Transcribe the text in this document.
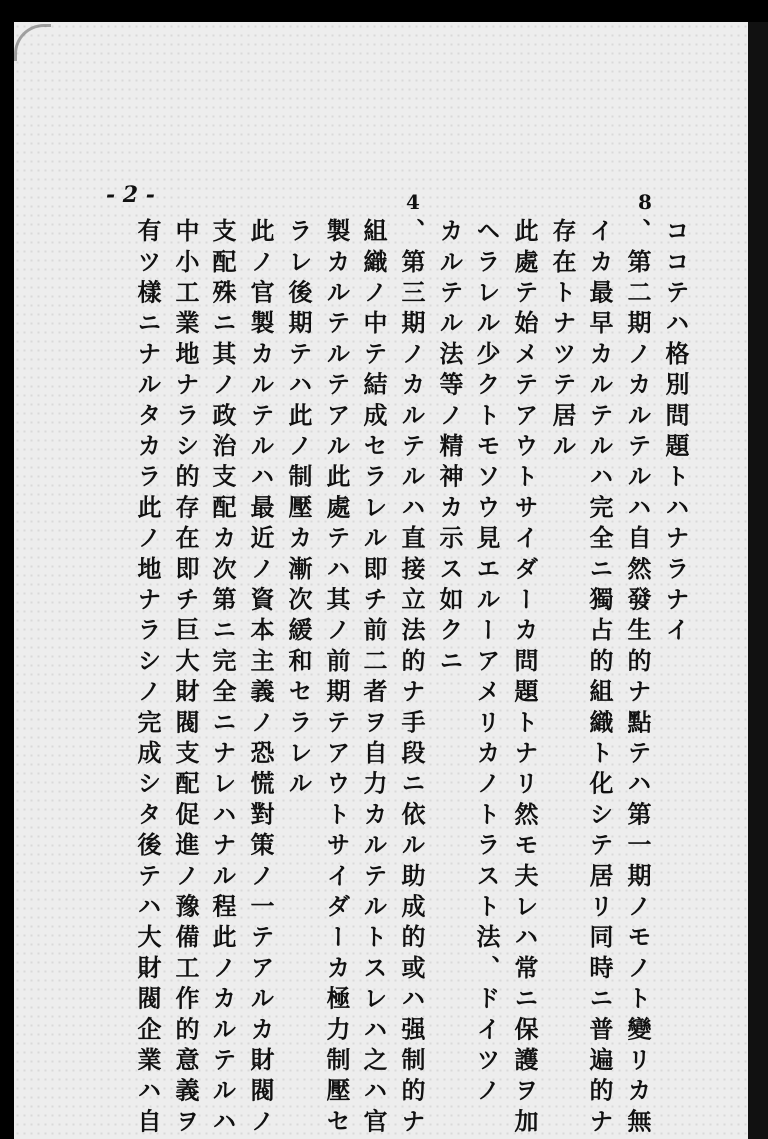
- 2 -	4	8
ココテハ格別問題トハナラナイ
、第二期ノカルテルハ自然發生的ナ點テハ第一期ノモノト變リカ無
イカ最早カルテルハ完全ニ獨占的組織ト化シテ居リ同時ニ普遍的ナ
存在トナツテ居ル
此處テ始メテアウトサイダーカ問題トナリ然モ夫レハ常ニ保護ヲ加
ヘラレル少クトモソウ見エルーアメリカノトラスト法、ドイツノ
カルテル法等ノ精神カ示ス如クニ
、第三期ノカルテルハ直接立法的ナ手段ニ依ル助成的或ハ强制的ナ
組織ノ中テ結成セラレル即チ前二者ヲ自力カルテルトスレハ之ハ官
製カルテルテアル此處テハ其ノ前期テアウトサイダーカ極力制壓セ
ラレ後期テハ此ノ制壓カ漸次緩和セラレル
此ノ官製カルテルハ最近ノ資本主義ノ恐慌對策ノ一テアルカ財閥ノ
支配殊ニ其ノ政治支配カ次第ニ完全ニナレハナル程此ノカルテルハ
中小工業地ナラシ的存在即チ巨大財閥支配促進ノ豫備工作的意義ヲ
有ツ樣ニナルタカラ此ノ地ナラシノ完成シタ後テハ大財閥企業ハ自
